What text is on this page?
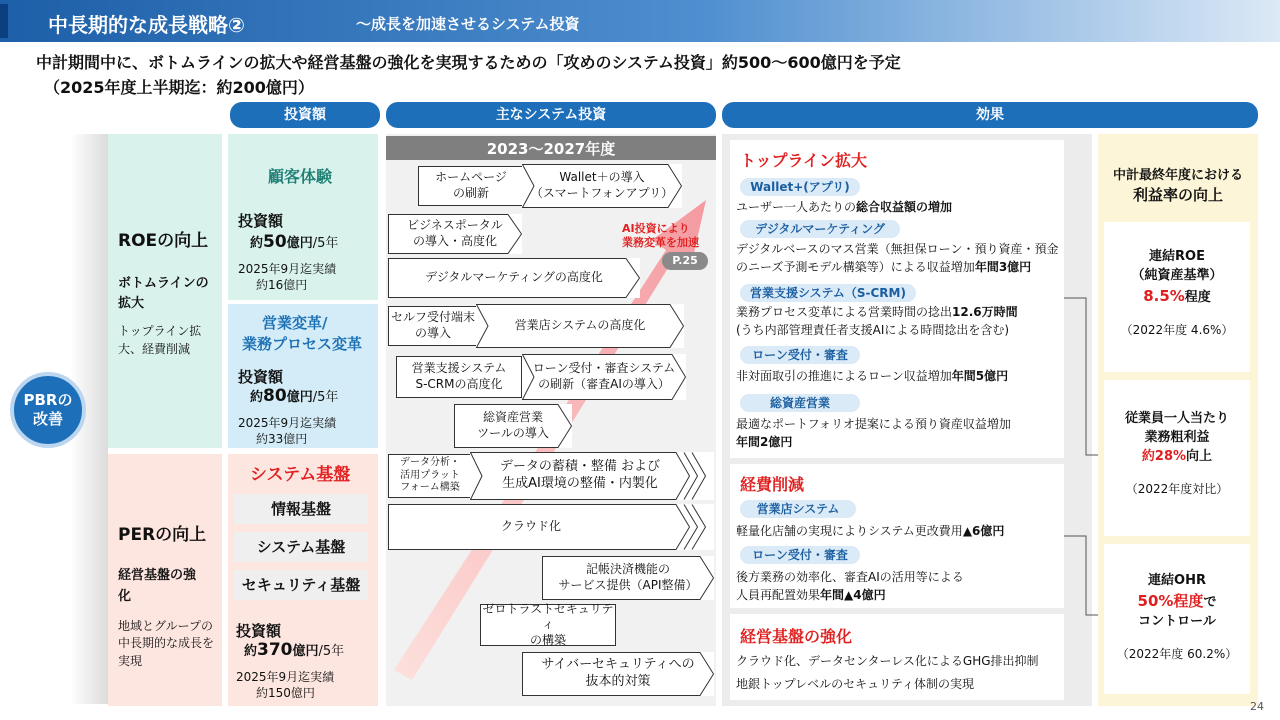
中長期的な成長戦略②	～成長を加速させるシステム投資
中計期間中に、ボトムラインの拡大や経営基盤の強化を実現するための「攻めのシステム投資」約500～600億円を予定
（2025年度上半期迄：約200億円）
投資額	主なシステム投資	効果
PBRの
改善
ROEの向上
ボトムラインの拡大
トップライン拡大、経費削減
PERの向上
経営基盤の強化
地域とグループの中長期的な成長を実現
顧客体験
投資額
約50億円/5年
2025年9月迄実績
約16億円
営業変革/
業務プロセス変革
投資額
約80億円/5年
2025年9月迄実績
約33億円
システム基盤
情報基盤
システム基盤
セキュリティ基盤
投資額
約370億円/5年
2025年9月迄実績
約150億円
2023～2027年度
AI投資により
業務変革を加速
P.25
ホームページ
の刷新
Wallet＋の導入
（スマートフォンアプリ）
ビジネスポータル
の導入・高度化
デジタルマーケティングの高度化
セルフ受付端末
の導入
営業店システムの高度化
営業支援システム
S-CRMの高度化
ローン受付・審査システム
の刷新（審査AIの導入）
総資産営業
ツールの導入
データ分析・
活用プラット
フォーム構築
データの蓄積・整備 および
生成AI環境の整備・内製化
クラウド化
記帳決済機能の
サービス提供（API整備）
ゼロトラストセキュリティ
の構築
サイバーセキュリティへの
抜本的対策
トップライン拡大
Wallet+(アプリ)
ユーザー一人あたりの総合収益額の増加
デジタルマーケティング
デジタルベースのマス営業（無担保ローン・預り資産・預金
のニーズ予測モデル構築等）による収益増加年間3億円
営業支援システム（S-CRM)
業務プロセス変革による営業時間の捻出12.6万時間
(うち内部管理責任者支援AIによる時間捻出を含む)
ローン受付・審査
非対面取引の推進によるローン収益増加年間5億円
総資産営業
最適なポートフォリオ提案による預り資産収益増加
年間2億円
経費削減
営業店システム
軽量化店舗の実現によりシステム更改費用▲6億円
ローン受付・審査
後方業務の効率化、審査AIの活用等による
人員再配置効果年間▲4億円
経営基盤の強化
クラウド化、データセンターレス化によるGHG排出抑制
地銀トップレベルのセキュリティ体制の実現
中計最終年度における
利益率の向上
連結ROE
（純資産基準）
8.5%程度
（2022年度 4.6%）
従業員一人当たり
業務粗利益
約28%向上
（2022年度対比）
連結OHR
50%程度で
コントロール
（2022年度 60.2%）
24
